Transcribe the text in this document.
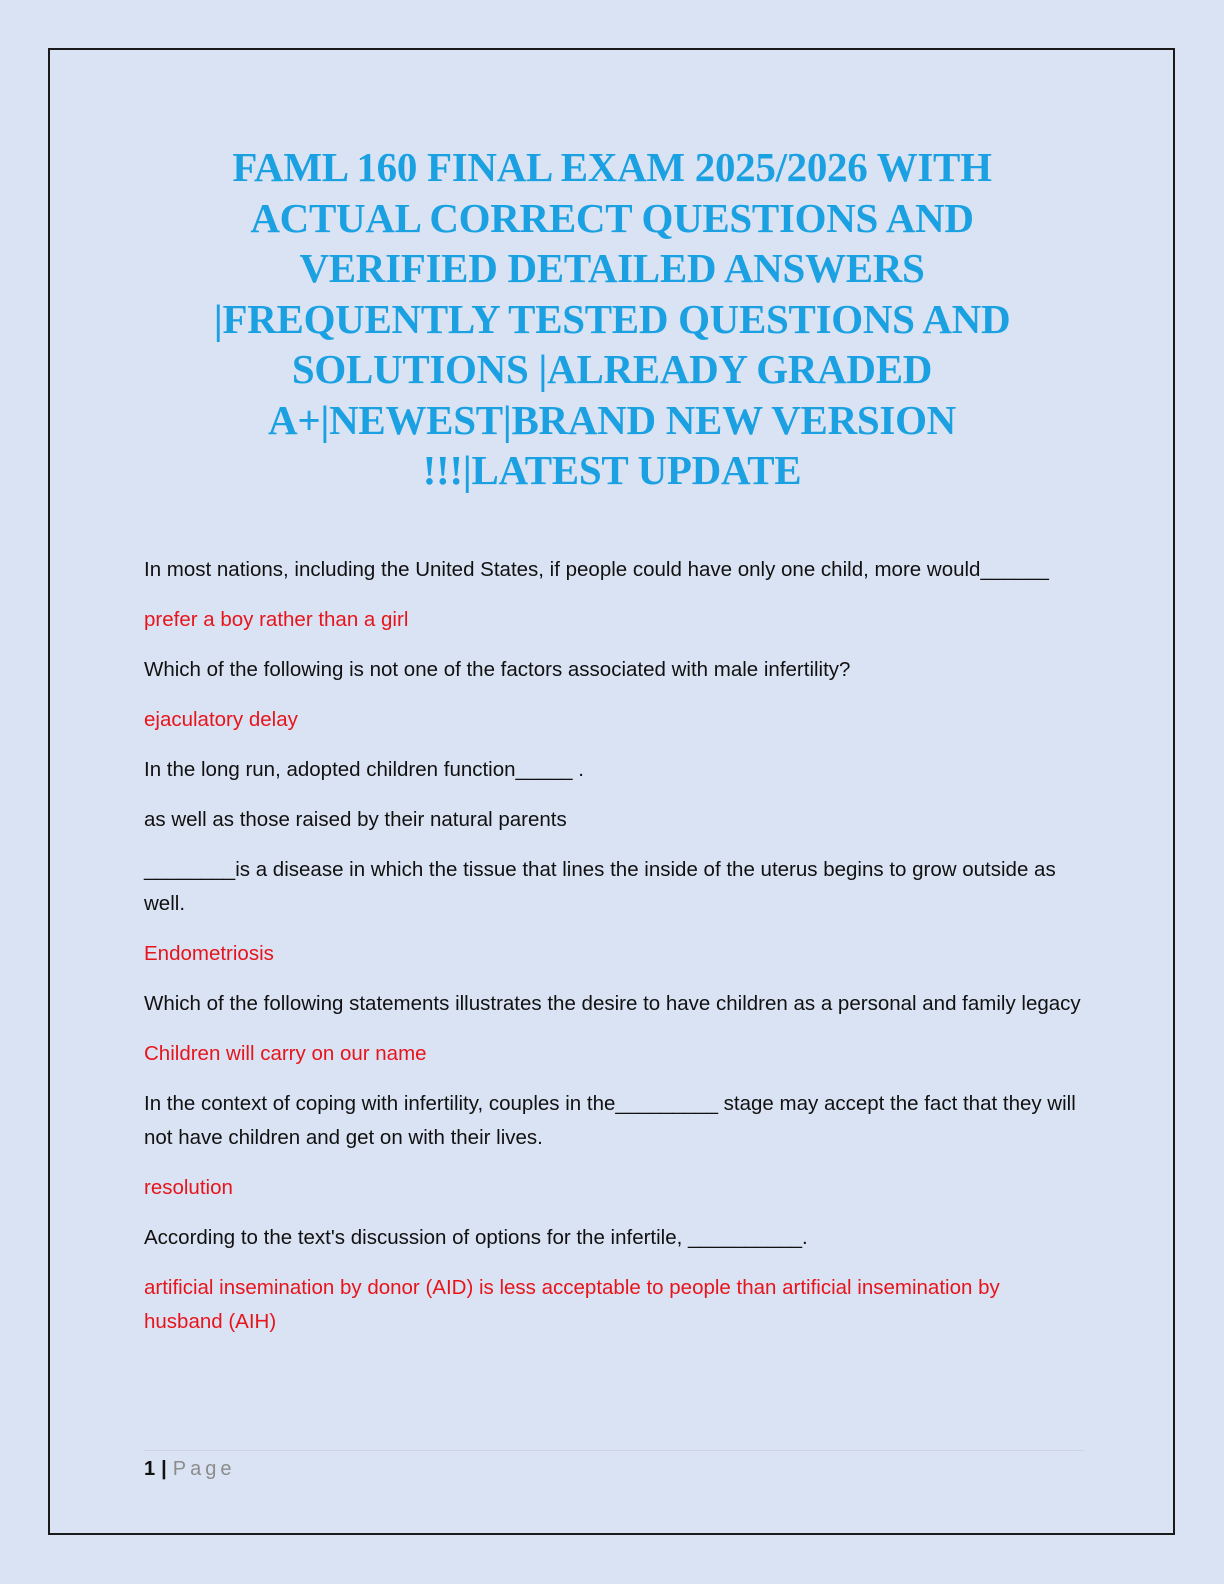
FAML 160 FINAL EXAM 2025/2026 WITH
ACTUAL CORRECT QUESTIONS AND
VERIFIED DETAILED ANSWERS
|FREQUENTLY TESTED QUESTIONS AND
SOLUTIONS |ALREADY GRADED
A+|NEWEST|BRAND NEW VERSION
!!!|LATEST UPDATE

In most nations, including the United States, if people could have only one child, more would______

prefer a boy rather than a girl

Which of the following is not one of the factors associated with male infertility?

ejaculatory delay

In the long run, adopted children function_____ .

as well as those raised by their natural parents

________is a disease in which the tissue that lines the inside of the uterus begins to grow outside as well.

Endometriosis

Which of the following statements illustrates the desire to have children as a personal and family legacy

Children will carry on our name

In the context of coping with infertility, couples in the_________ stage may accept the fact that they will not have children and get on with their lives.

resolution

According to the text's discussion of options for the infertile, __________.

artificial insemination by donor (AID) is less acceptable to people than artificial insemination by husband (AIH)

1 | Page
